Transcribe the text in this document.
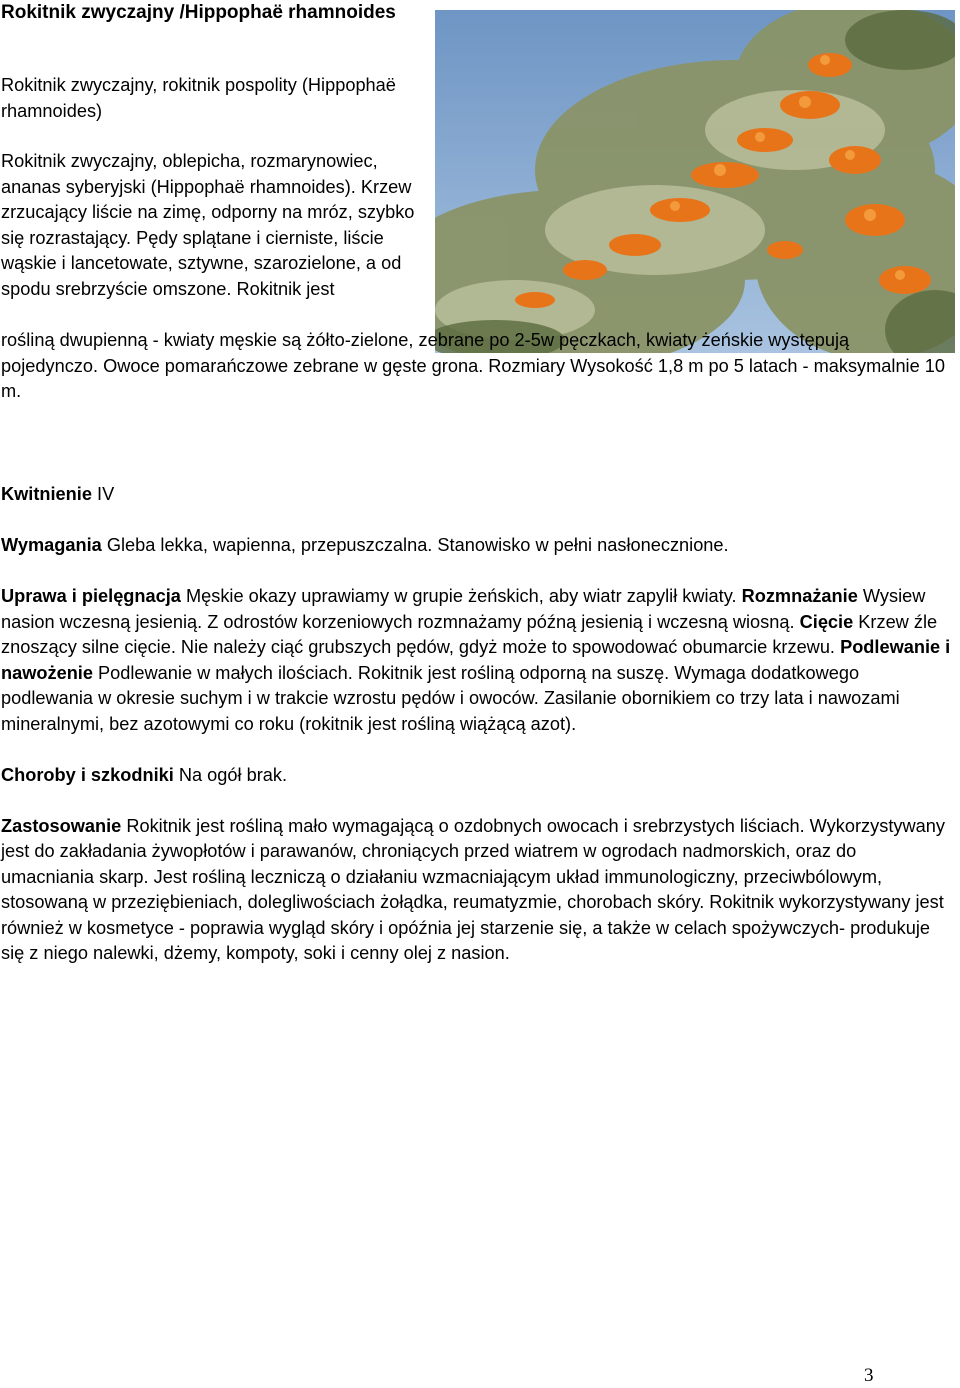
Rokitnik zwyczajny /Hippophaë rhamnoides

Rokitnik zwyczajny, rokitnik pospolity (Hippophaë rhamnoides)

Rokitnik zwyczajny, oblepicha, rozmarynowiec, ananas syberyjski (Hippophaë rhamnoides). Krzew zrzucający liście na zimę, odporny na mróz, szybko się rozrastający. Pędy splątane i cierniste, liście wąskie i lancetowate, sztywne, szarozielone, a od spodu srebrzyście omszone. Rokitnik jest

rośliną dwupienną - kwiaty męskie są żółto-zielone, zebrane po 2-5w pęczkach, kwiaty żeńskie występują pojedynczo. Owoce pomarańczowe zebrane w gęste grona. Rozmiary Wysokość 1,8 m po 5 latach - maksymalnie 10 m.

Kwitnienie IV

Wymagania Gleba lekka, wapienna, przepuszczalna. Stanowisko w pełni nasłonecznione.

Uprawa i pielęgnacja Męskie okazy uprawiamy w grupie żeńskich, aby wiatr zapylił kwiaty. Rozmnażanie Wysiew nasion wczesną jesienią. Z odrostów korzeniowych rozmnażamy późną jesienią i wczesną wiosną. Cięcie Krzew źle znoszący silne cięcie. Nie należy ciąć grubszych pędów, gdyż może to spowodować obumarcie krzewu. Podlewanie i nawożenie Podlewanie w małych ilościach. Rokitnik jest rośliną odporną na suszę. Wymaga dodatkowego podlewania w okresie suchym i w trakcie wzrostu pędów i owoców. Zasilanie obornikiem co trzy lata i nawozami mineralnymi, bez azotowymi co roku (rokitnik jest rośliną wiążącą azot).

Choroby i szkodniki Na ogół brak.

Zastosowanie Rokitnik jest rośliną mało wymagającą o ozdobnych owocach i srebrzystych liściach. Wykorzystywany jest do zakładania żywopłotów i parawanów, chroniących przed wiatrem w ogrodach nadmorskich, oraz do umacniania skarp. Jest rośliną leczniczą o działaniu wzmacniającym układ immunologiczny, przeciwbólowym, stosowaną w przeziębieniach, dolegliwościach żołądka, reumatyzmie, chorobach skóry. Rokitnik wykorzystywany jest również w kosmetyce - poprawia wygląd skóry i opóźnia jej starzenie się, a także w celach spożywczych- produkuje się z niego nalewki, dżemy, kompoty, soki i cenny olej z nasion.

3
